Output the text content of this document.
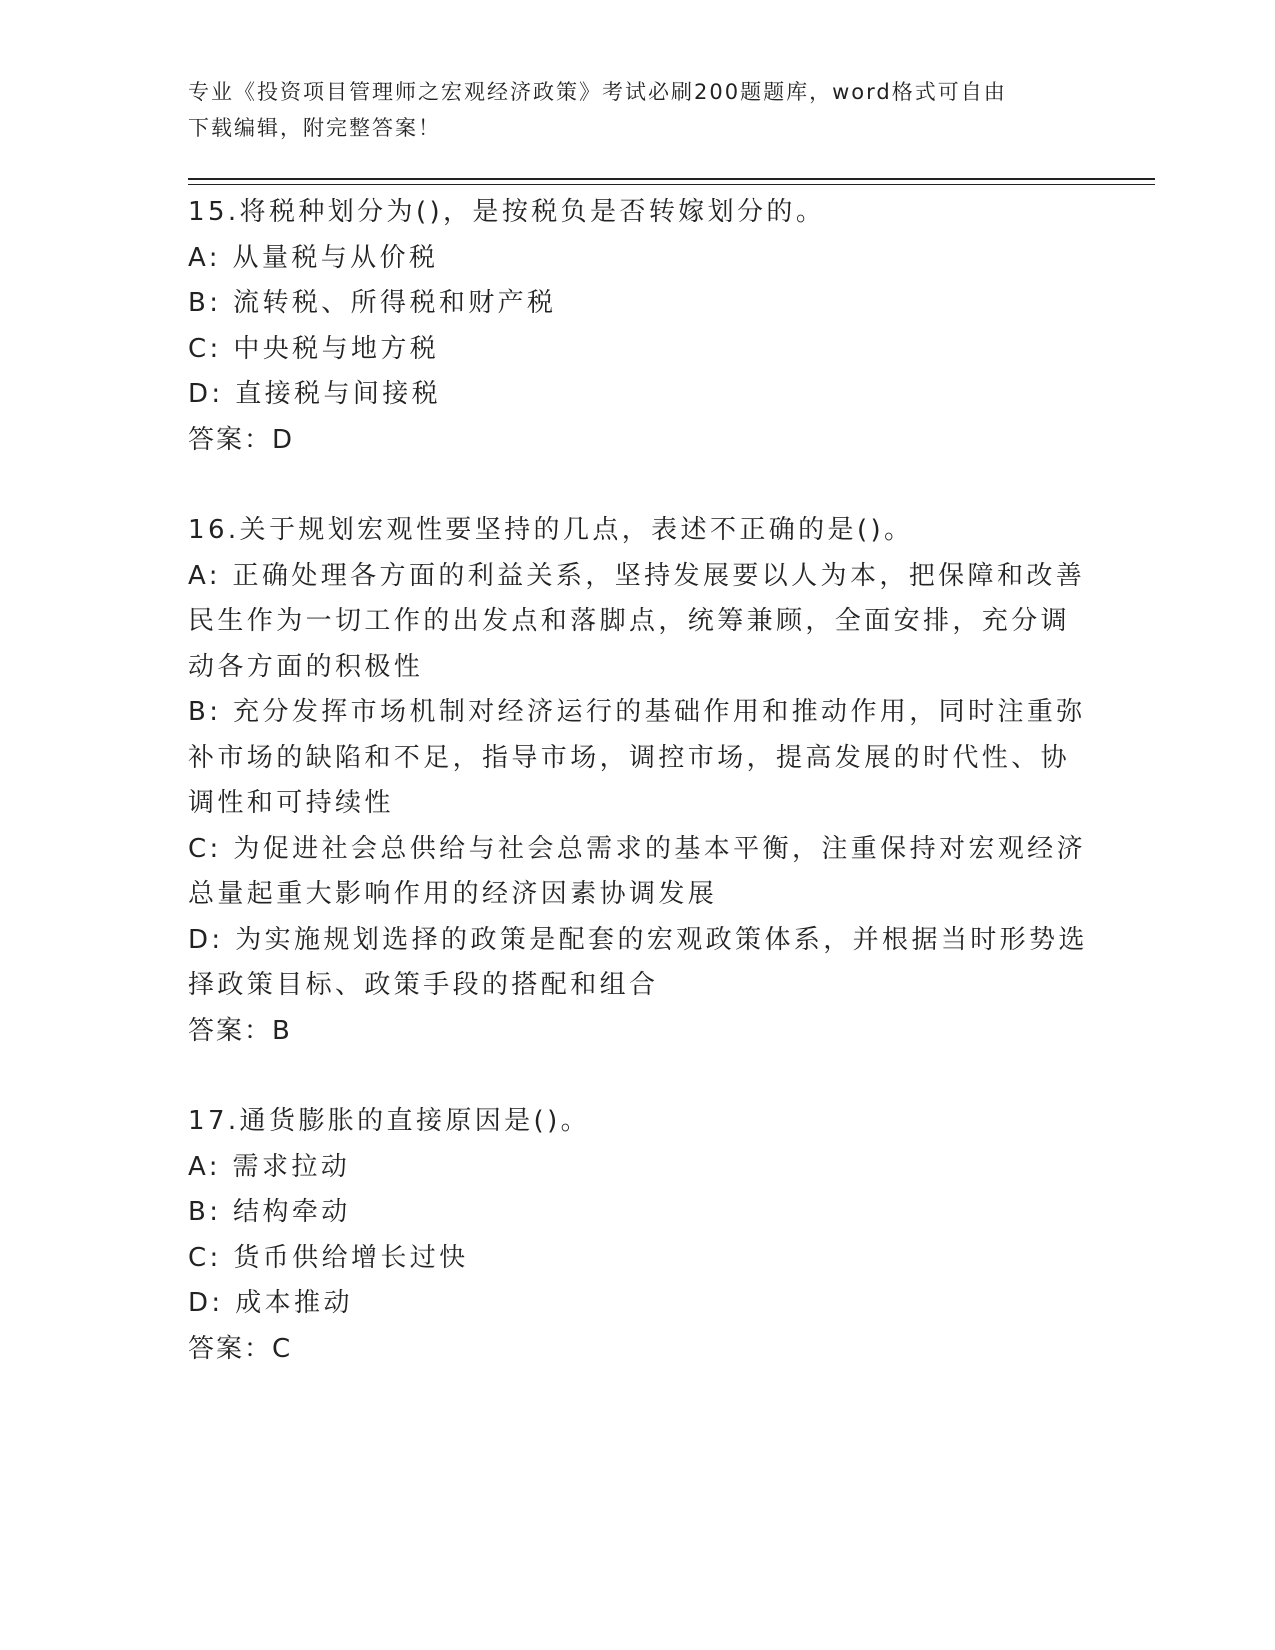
专业《投资项目管理师之宏观经济政策》考试必刷200题题库，word格式可自由
下载编辑，附完整答案！
15.将税种划分为()，是按税负是否转嫁划分的。
A: 从量税与从价税
B: 流转税、所得税和财产税
C: 中央税与地方税
D: 直接税与间接税
答案：D
16.关于规划宏观性要坚持的几点，表述不正确的是()。
A: 正确处理各方面的利益关系，坚持发展要以人为本，把保障和改善
民生作为一切工作的出发点和落脚点，统筹兼顾，全面安排，充分调
动各方面的积极性
B: 充分发挥市场机制对经济运行的基础作用和推动作用，同时注重弥
补市场的缺陷和不足，指导市场，调控市场，提高发展的时代性、协
调性和可持续性
C: 为促进社会总供给与社会总需求的基本平衡，注重保持对宏观经济
总量起重大影响作用的经济因素协调发展
D: 为实施规划选择的政策是配套的宏观政策体系，并根据当时形势选
择政策目标、政策手段的搭配和组合
答案：B
17.通货膨胀的直接原因是()。
A: 需求拉动
B: 结构牵动
C: 货币供给增长过快
D: 成本推动
答案：C
